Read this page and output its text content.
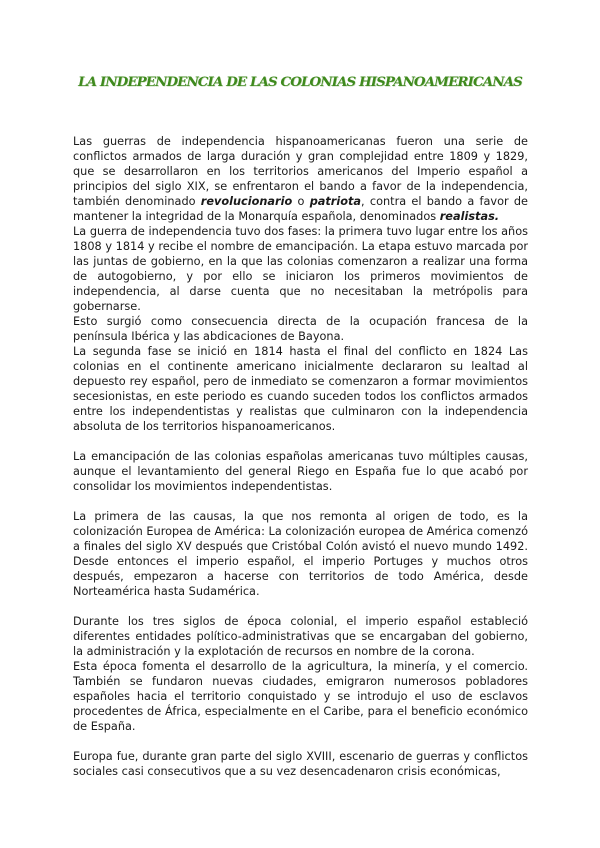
LA INDEPENDENCIA DE LAS COLONIAS HISPANOAMERICANAS

Las guerras de independencia hispanoamericanas fueron una serie de conflictos armados de larga duración y gran complejidad entre 1809 y 1829, que se desarrollaron en los territorios americanos del Imperio español a principios del siglo XIX, se enfrentaron el bando a favor de la independencia, también denominado revolucionario o patriota, contra el bando a favor de mantener la integridad de la Monarquía española, denominados realistas.

La guerra de independencia tuvo dos fases: la primera tuvo lugar entre los años 1808 y 1814 y recibe el nombre de emancipación. La etapa estuvo marcada por las juntas de gobierno, en la que las colonias comenzaron a realizar una forma de autogobierno, y por ello se iniciaron los primeros movimientos de independencia, al darse cuenta que no necesitaban la metrópolis para gobernarse.

Esto surgió como consecuencia directa de la ocupación francesa de la península Ibérica y las abdicaciones de Bayona.

La segunda fase se inició en 1814 hasta el final del conflicto en 1824 Las colonias en el continente americano inicialmente declararon su lealtad al depuesto rey español, pero de inmediato se comenzaron a formar movimientos secesionistas, en este periodo es cuando suceden todos los conflictos armados entre los independentistas y realistas que culminaron con la independencia absoluta de los territorios hispanoamericanos.

La emancipación de las colonias españolas americanas tuvo múltiples causas, aunque el levantamiento del general Riego en España fue lo que acabó por consolidar los movimientos independentistas.

La primera de las causas, la que nos remonta al origen de todo, es la colonización Europea de América: La colonización europea de América comenzó a finales del siglo XV después que Cristóbal Colón avistó el nuevo mundo 1492. Desde entonces el imperio español, el imperio Portuges y muchos otros después, empezaron a hacerse con territorios de todo América, desde Norteamérica hasta Sudamérica.

Durante los tres siglos de época colonial, el imperio español estableció diferentes entidades político-administrativas que se encargaban del gobierno, la administración y la explotación de recursos en nombre de la corona.

Esta época fomenta el desarrollo de la agricultura, la minería, y el comercio. También se fundaron nuevas ciudades, emigraron numerosos pobladores españoles hacia el territorio conquistado y se introdujo el uso de esclavos procedentes de África, especialmente en el Caribe, para el beneficio económico de España.

Europa fue, durante gran parte del siglo XVIII, escenario de guerras y conflictos sociales casi consecutivos que a su vez desencadenaron crisis económicas,
